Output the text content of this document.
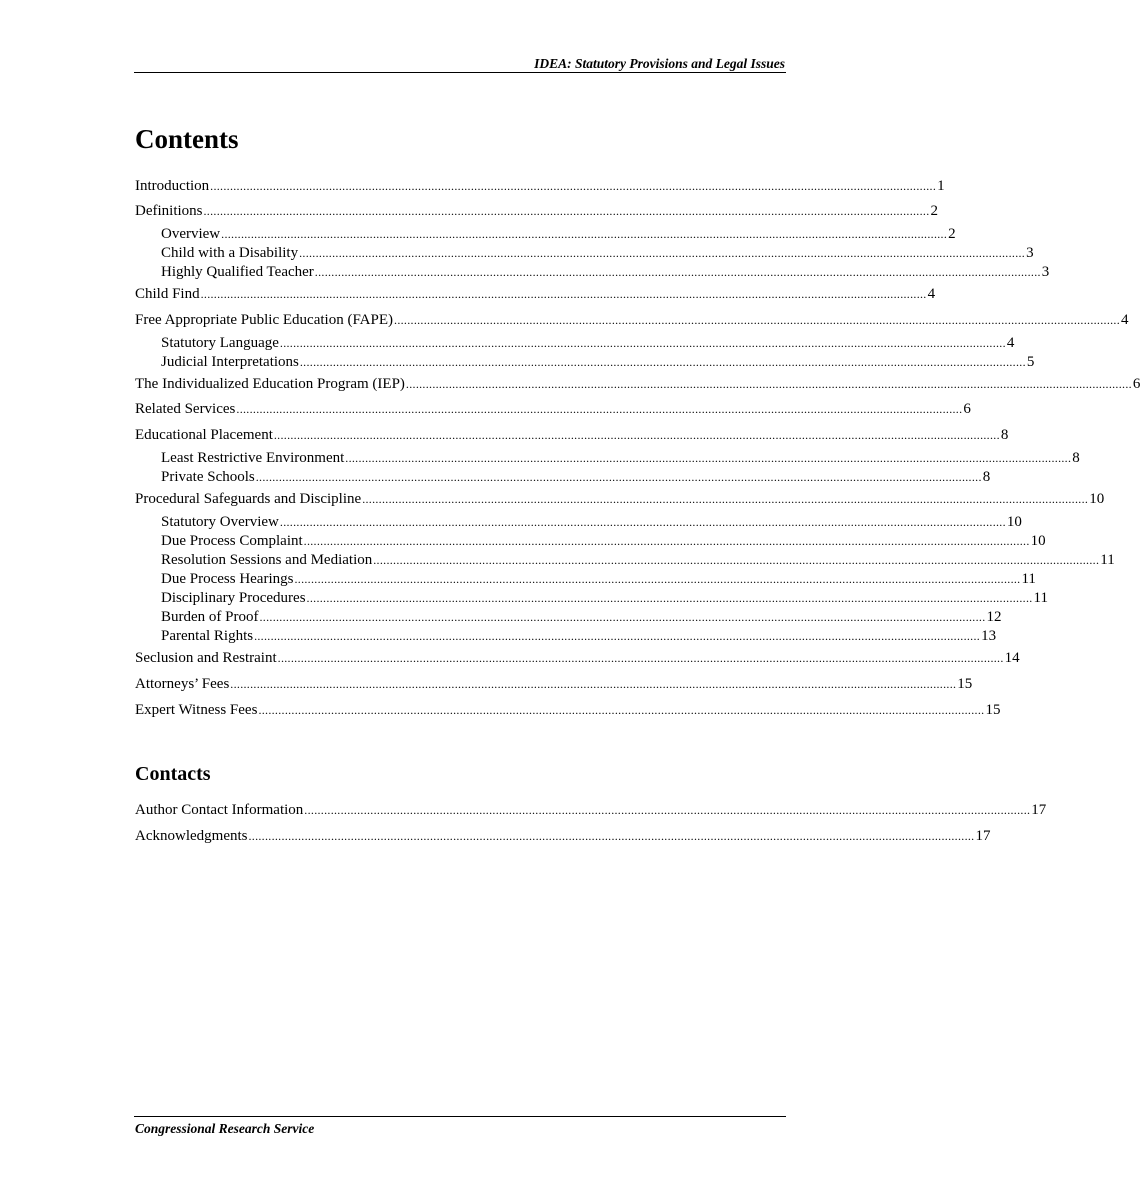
IDEA: Statutory Provisions and Legal Issues
Contents
Introduction ............................................................................................................................................................................................................................ 1
Definitions ............................................................................................................................................................................................................................ 2
Overview ............................................................................................................................................................................................................................ 2
Child with a Disability ............................................................................................................................................................................................................................ 3
Highly Qualified Teacher ............................................................................................................................................................................................................................ 3
Child Find ............................................................................................................................................................................................................................ 4
Free Appropriate Public Education (FAPE) ............................................................................................................................................................................................................................ 4
Statutory Language ............................................................................................................................................................................................................................ 4
Judicial Interpretations ............................................................................................................................................................................................................................ 5
The Individualized Education Program (IEP) ............................................................................................................................................................................................................................ 6
Related Services ............................................................................................................................................................................................................................ 6
Educational Placement ............................................................................................................................................................................................................................ 8
Least Restrictive Environment ............................................................................................................................................................................................................................ 8
Private Schools ............................................................................................................................................................................................................................ 8
Procedural Safeguards and Discipline ............................................................................................................................................................................................................................ 10
Statutory Overview ............................................................................................................................................................................................................................ 10
Due Process Complaint ............................................................................................................................................................................................................................ 10
Resolution Sessions and Mediation ............................................................................................................................................................................................................................ 11
Due Process Hearings ............................................................................................................................................................................................................................ 11
Disciplinary Procedures ............................................................................................................................................................................................................................ 11
Burden of Proof ............................................................................................................................................................................................................................ 12
Parental Rights ............................................................................................................................................................................................................................ 13
Seclusion and Restraint ............................................................................................................................................................................................................................ 14
Attorneys’ Fees ............................................................................................................................................................................................................................ 15
Expert Witness Fees ............................................................................................................................................................................................................................ 15
Contacts
Author Contact Information ............................................................................................................................................................................................................................ 17
Acknowledgments ............................................................................................................................................................................................................................ 17
Congressional Research Service
